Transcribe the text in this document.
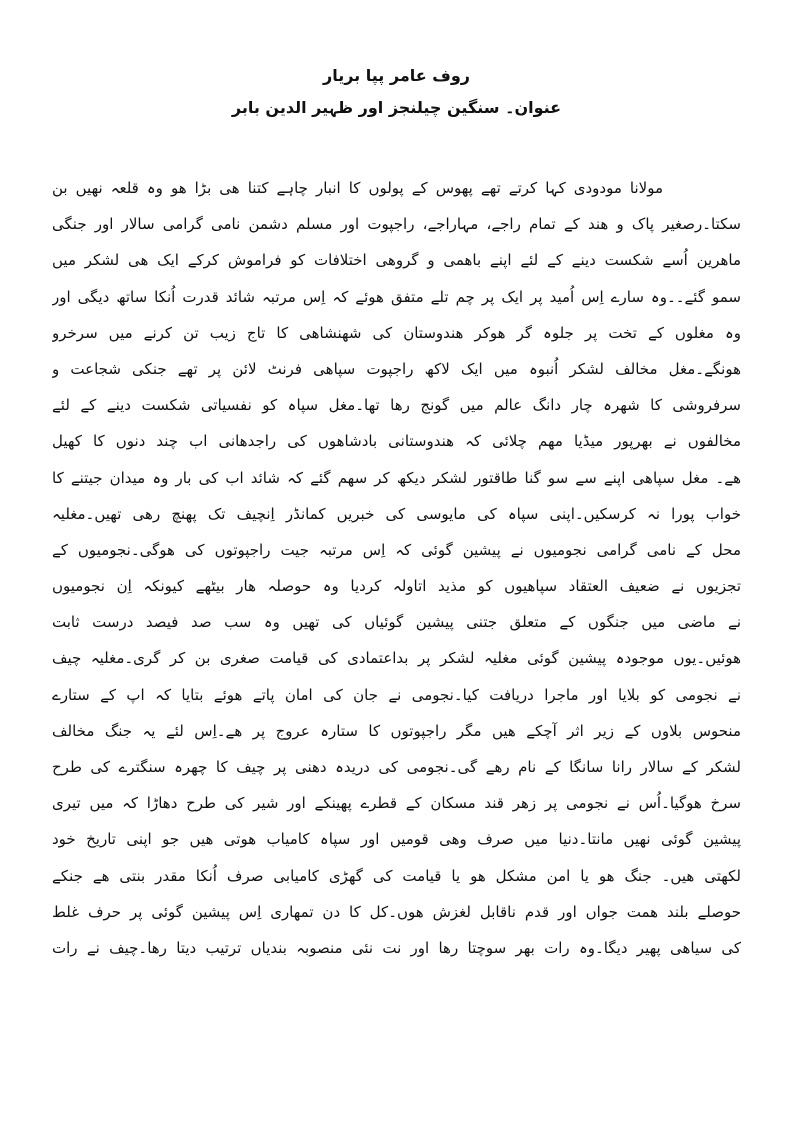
روف عامر پپا بریار

عنوان۔ سنگین چیلنجز اور ظہیر الدین بابر

مولانا مودودی کہا کرتے تھے پھوس کے پولوں کا انبار چاہے کتنا ھی بڑا ھو وہ قلعہ نھیں بن
سکتا۔رصغیر پاک و ھند کے تمام راجے، مہاراجے، راجپوت اور مسلم دشمن نامی گرامی سالار اور جنگی
ماھرین اُسے شکست دینے کے لئے اپنے باھمی و گروھی اختلافات کو فراموش کرکے ایک ھی لشکر میں
سمو گئے۔۔وہ سارے اِس اُمید پر ایک پر چم تلے متفق ھوئے کہ اِس مرتبہ شائد قدرت اُنکا ساتھ دیگی اور
وہ مغلوں کے تخت پر جلوہ گر ھوکر ھندوستان کی شھنشاھی کا تاج زیب تن کرنے میں سرخرو
ھونگے۔مغل مخالف لشکر اُنبوہ میں ایک لاکھ راجپوت سپاھی فرنٹ لائن پر تھے جنکی شجاعت و
سرفروشی کا شھرہ چار دانگ عالم میں گونج رھا تھا۔مغل سپاہ کو نفسیاتی شکست دینے کے لئے
مخالفوں نے بھرپور میڈیا مھم چلائی کہ ھندوستانی بادشاھوں کی راجدھانی اب چند دنوں کا کھیل
ھے۔ مغل سپاھی اپنے سے سو گنا طاقتور لشکر دیکھ کر سھم گئے کہ شائد اب کی بار وہ میدان جیتنے کا
خواب پورا نہ کرسکیں۔اپنی سپاہ کی مایوسی کی خبریں کمانڈر اِنچیف تک پھنچ رھی تھیں۔مغلیہ
محل کے نامی گرامی نجومیوں نے پیشین گوئی کہ اِس مرتبہ جیت راجپوتوں کی ھوگی۔نجومیوں کے
تجزیوں نے ضعیف العتقاد سپاھیوں کو مذید اتاولہ کردیا وہ حوصلہ ھار بیٹھے کیونکہ اِن نجومیوں
نے ماضی میں جنگوں کے متعلق جتنی پیشین گوئیاں کی تھیں وہ سب صد فیصد درست ثابت
ھوئیں۔یوں موجودہ پیشین گوئی مغلیہ لشکر پر بداعتمادی کی قیامت صغری بن کر گری۔مغلیہ چیف
نے نجومی کو بلایا اور ماجرا دریافت کیا۔نجومی نے جان کی امان پاتے ھوئے بتایا کہ اپ کے ستارے
منحوس بلاوں کے زیر اثر آچکے ھیں مگر راجپوتوں کا ستارہ عروج پر ھے۔اِس لئے یہ جنگ مخالف
لشکر کے سالار رانا سانگا کے نام رھے گی۔نجومی کی دریدہ دھنی پر چیف کا چھرہ سنگترے کی طرح
سرخ ھوگیا۔اُس نے نجومی پر زھر قند مسکان کے قطرے پھینکے اور شیر کی طرح دھاڑا کہ میں تیری
پیشین گوئی نھیں مانتا۔دنیا میں صرف وھی قومیں اور سپاہ کامیاب ھوتی ھیں جو اپنی تاریخ خود
لکھتی ھیں۔ جنگ ھو یا امن مشکل ھو یا قیامت کی گھڑی کامیابی صرف اُنکا مقدر بنتی ھے جنکے
حوصلے بلند ھمت جواں اور قدم ناقابل لغزش ھوں۔کل کا دن تمھاری اِس پیشین گوئی پر حرف غلط
کی سیاھی پھیر دیگا۔وہ رات بھر سوچتا رھا اور نت نئی منصوبہ بندیاں ترتیب دیتا رھا۔چیف نے رات
